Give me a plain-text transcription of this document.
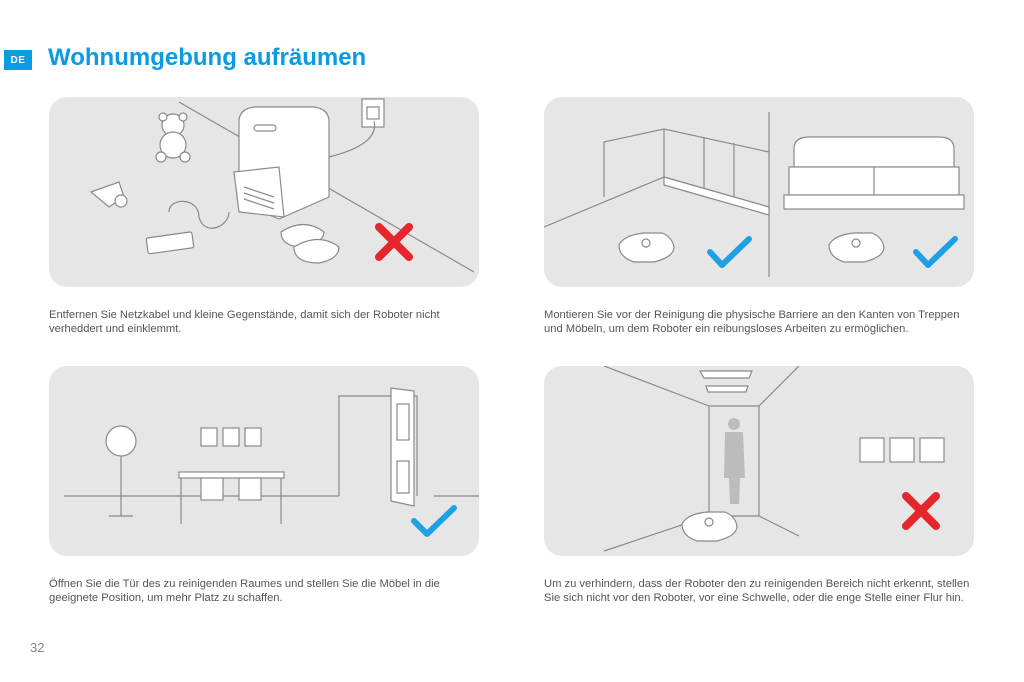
DE Wohnumgebung aufräumen

Entfernen Sie Netzkabel und kleine Gegenstände, damit sich der Roboter nicht verheddert und einklemmt.

Montieren Sie vor der Reinigung die physische Barriere an den Kanten von Treppen und Möbeln, um dem Roboter ein reibungsloses Arbeiten zu ermöglichen.

Öffnen Sie die Tür des zu reinigenden Raumes und stellen Sie die Möbel in die geeignete Position, um mehr Platz zu schaffen.

Um zu verhindern, dass der Roboter den zu reinigenden Bereich nicht erkennt, stellen Sie sich nicht vor den Roboter, vor eine Schwelle, oder die enge Stelle einer Flur hin.

32
